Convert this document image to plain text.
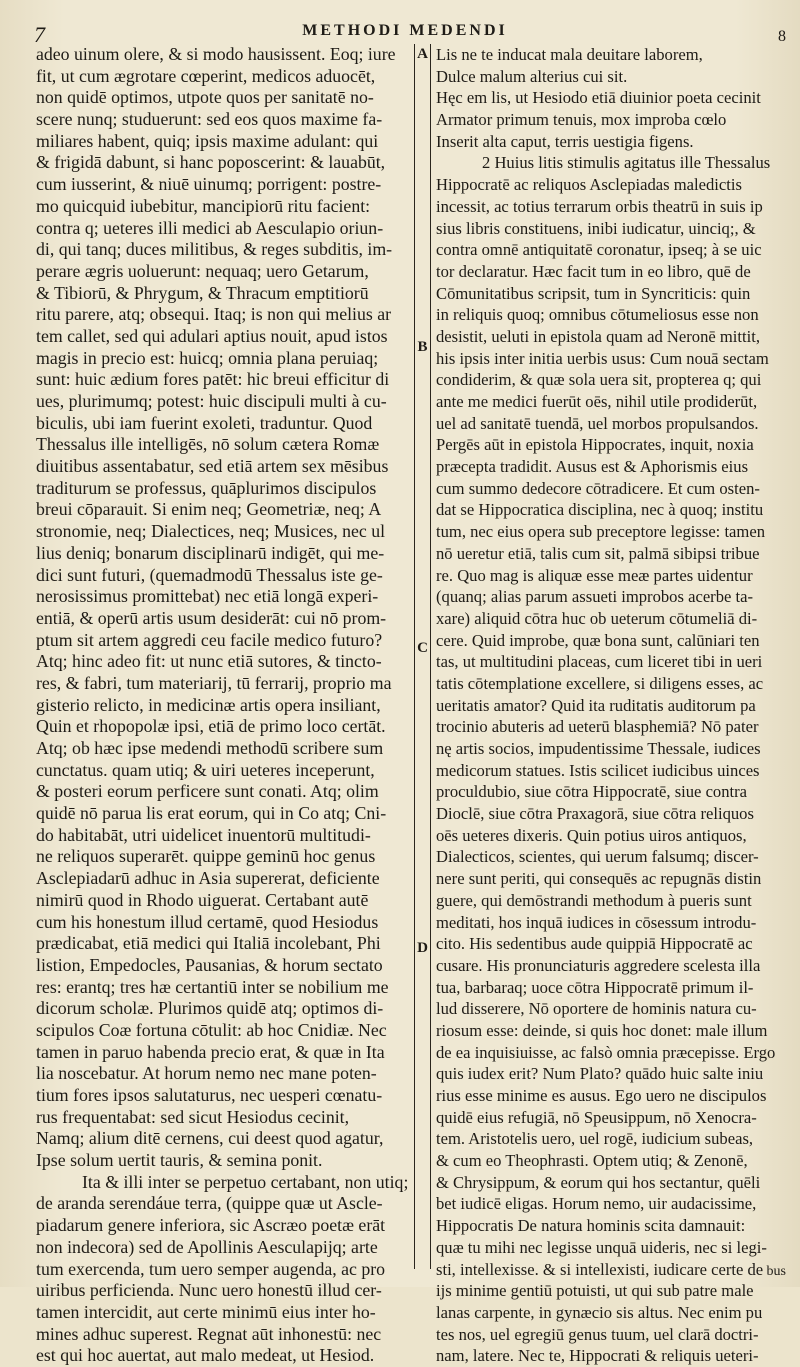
7	METHODI MEDENDI	8
A
B
C
D
adeo uinum olere, & si modo hausissent. Eoq; iure
fit, ut cum ægrotare cœperint, medicos aduocēt,
non quidē optimos, utpote quos per sanitatē no-
scere nunq; studuerunt: sed eos quos maxime fa-
miliares habent, quiq; ipsis maxime adulant: qui
& frigidā dabunt, si hanc poposcerint: & lauabūt,
cum iusserint, & niuē uinumq; porrigent: postre-
mo quicquid iubebitur, mancipiorū ritu facient:
contra q; ueteres illi medici ab Aesculapio oriun-
di, qui tanq; duces militibus, & reges subditis, im-
perare ægris uoluerunt: nequaq; uero Getarum,
& Tibiorū, & Phrygum, & Thracum emptitiorū
ritu parere, atq; obsequi. Itaq; is non qui melius ar
tem callet, sed qui adulari aptius nouit, apud istos
magis in precio est: huicq; omnia plana peruiaq;
sunt: huic ædium fores patēt: hic breui efficitur di
ues, plurimumq; potest: huic discipuli multi à cu-
biculis, ubi iam fuerint exoleti, traduntur. Quod
Thessalus ille intelligēs, nō solum cætera Romæ
diuitibus assentabatur, sed etiā artem sex mēsibus
traditurum se professus, quāplurimos discipulos
breui cōparauit. Si enim neq; Geometriæ, neq; A
stronomie, neq; Dialectices, neq; Musices, nec ul
lius deniq; bonarum disciplinarū indigēt, qui me-
dici sunt futuri, (quemadmodū Thessalus iste ge-
nerosissimus promittebat) nec etiā longā experi-
entiā, & operū artis usum desiderāt: cui nō prom-
ptum sit artem aggredi ceu facile medico futuro?
Atq; hinc adeo fit: ut nunc etiā sutores, & tincto-
res, & fabri, tum materiarij, tū ferrarij, proprio ma
gisterio relicto, in medicinæ artis opera insiliant,
Quin et rhopopolæ ipsi, etiā de primo loco certāt.
Atq; ob hæc ipse medendi methodū scribere sum
cunctatus. quam utiq; & uiri ueteres inceperunt,
& posteri eorum perficere sunt conati. Atq; olim
quidē nō parua lis erat eorum, qui in Co atq; Cni-
do habitabāt, utri uidelicet inuentorū multitudi-
ne reliquos superarēt. quippe geminū hoc genus
Asclepiadarū adhuc in Asia supererat, deficiente
nimirū quod in Rhodo uiguerat. Certabant autē
cum his honestum illud certamē, quod Hesiodus
prædicabat, etiā medici qui Italiā incolebant, Phi
listion, Empedocles, Pausanias, & horum sectato
res: erantq; tres hæ certantiū inter se nobilium me
dicorum scholæ. Plurimos quidē atq; optimos di-
scipulos Coæ fortuna cōtulit: ab hoc Cnidiæ. Nec
tamen in paruo habenda precio erat, & quæ in Ita
lia noscebatur. At horum nemo nec mane poten-
tium fores ipsos salutaturus, nec uesperi cœnatu-
rus frequentabat: sed sicut Hesiodus cecinit,
Namq; alium ditē cernens, cui deest quod agatur,
Ipse solum uertit tauris, & semina ponit.
Ita & illi inter se perpetuo certabant, non utiq;
de aranda serendáue terra, (quippe quæ ut Ascle-
piadarum genere inferiora, sic Ascræo poetæ erāt
non indecora) sed de Apollinis Aesculapijq; arte
tum exercenda, tum uero semper augenda, ac pro
uiribus perficienda. Nunc uero honestū illud cer-
tamen intercidit, aut certe minimū eius inter ho-
mines adhuc superest. Regnat aūt inhonestū: nec
est qui hoc auertat, aut malo medeat, ut Hesiod.
Lis ne te inducat mala deuitare laborem,
Dulce malum alterius cui sit.
Hęc em lis, ut Hesiodo etiā diuinior poeta cecinit
Armator primum tenuis, mox improba cœlo
Inserit alta caput, terris uestigia figens.
2 Huius litis stimulis agitatus ille Thessalus
Hippocratē ac reliquos Asclepiadas maledictis
incessit, ac totius terrarum orbis theatrū in suis ip
sius libris constituens, inibi iudicatur, uinciq;, &
contra omnē antiquitatē coronatur, ipseq; à se uic
tor declaratur. Hæc facit tum in eo libro, quē de
Cōmunitatibus scripsit, tum in Syncriticis: quin
in reliquis quoq; omnibus cōtumeliosus esse non
desistit, ueluti in epistola quam ad Neronē mittit,
his ipsis inter initia uerbis usus: Cum nouā sectam
condiderim, & quæ sola uera sit, propterea q; qui
ante me medici fuerūt oēs, nihil utile prodiderūt,
uel ad sanitatē tuendā, uel morbos propulsandos.
Pergēs aūt in epistola Hippocrates, inquit, noxia
præcepta tradidit. Ausus est & Aphorismis eius
cum summo dedecore cōtradicere. Et cum osten-
dat se Hippocratica disciplina, nec à quoq; institu
tum, nec eius opera sub preceptore legisse: tamen
nō ueretur etiā, talis cum sit, palmā sibipsi tribue
re. Quo mag is aliquæ esse meæ partes uidentur
(quanq; alias parum assueti improbos acerbe ta-
xare) aliquid cōtra huc ob ueterum cōtumeliā di-
cere. Quid improbe, quæ bona sunt, calūniari ten
tas, ut multitudini placeas, cum liceret tibi in ueri
tatis cōtemplatione excellere, si diligens esses, ac
ueritatis amator? Quid ita ruditatis auditorum pa
trocinio abuteris ad ueterū blasphemiā? Nō pater
nę artis socios, impudentissime Thessale, iudices
medicorum statues. Istis scilicet iudicibus uinces
proculdubio, siue cōtra Hippocratē, siue contra
Dioclē, siue cōtra Praxagorā, siue cōtra reliquos
oēs ueteres dixeris. Quin potius uiros antiquos,
Dialecticos, scientes, qui uerum falsumq; discer-
nere sunt periti, qui consequēs ac repugnās distin
guere, qui demōstrandi methodum à pueris sunt
meditati, hos inquā iudices in cōsessum introdu-
cito. His sedentibus aude quippiā Hippocratē ac
cusare. His pronunciaturis aggredere scelesta illa
tua, barbaraq; uoce cōtra Hippocratē primum il-
lud disserere, Nō oportere de hominis natura cu-
riosum esse: deinde, si quis hoc donet: male illum
de ea inquisiuisse, ac falsò omnia præcepisse. Ergo
quis iudex erit? Num Plato? quādo huic salte iniu
rius esse minime es ausus. Ego uero ne discipulos
quidē eius refugiā, nō Speusippum, nō Xenocra-
tem. Aristotelis uero, uel rogē, iudicium subeas,
& cum eo Theophrasti. Optem utiq; & Zenonē,
& Chrysippum, & eorum qui hos sectantur, quēli
bet iudicē eligas. Horum nemo, uir audacissime,
Hippocratis De natura hominis scita damnauit:
quæ tu mihi nec legisse unquā uideris, nec si legi-
sti, intellexisse. & si intellexisti, iudicare certe de
ijs minime gentiū potuisti, ut qui sub patre male
lanas carpente, in gynæcio sis altus. Nec enim pu
tes nos, uel egregiū genus tuum, uel clarā doctri-
nam, latere. Nec te, Hippocrati & reliquis ueteri-
bus
